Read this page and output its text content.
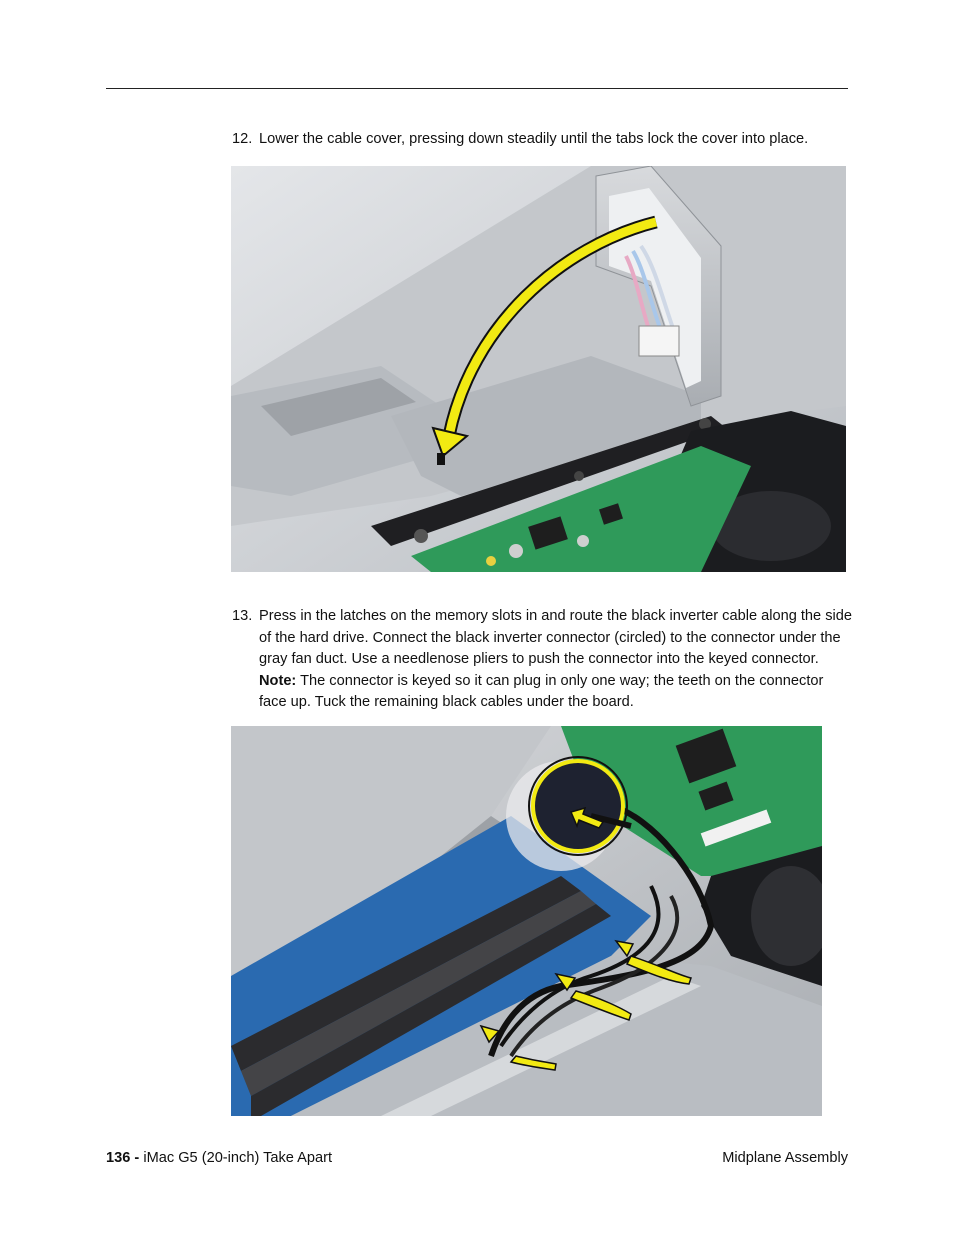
12. Lower the cable cover, pressing down steadily until the tabs lock the cover into place.
13. Press in the latches on the memory slots in and route the black inverter cable along the side of the hard drive. Connect the black inverter connector (circled) to the connector under the gray fan duct. Use a needlenose pliers to push the connector into the keyed connector. Note: The connector is keyed so it can plug in only one way; the teeth on the connector face up. Tuck the remaining black cables under the board.
136 - iMac G5 (20-inch) Take Apart	Midplane Assembly
